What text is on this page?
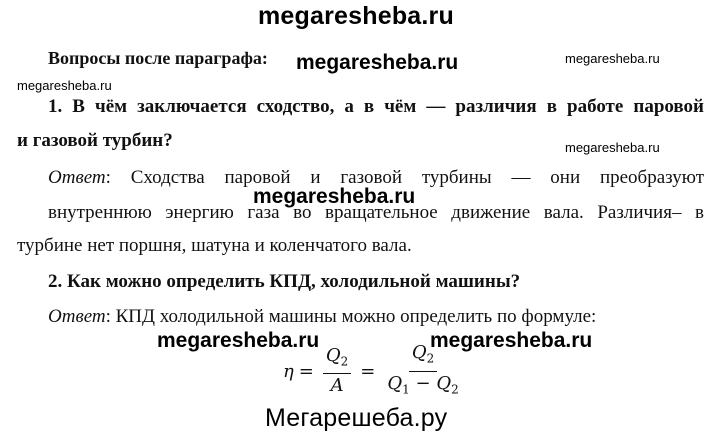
megaresheba.ru
megaresheba.ru	megaresheba.ru
megaresheba.ru
megaresheba.ru
megaresheba.ru
megaresheba.ru	megaresheba.ru
Мегарешеба.ру
Вопросы после параграфа:
1. В чём заключается сходство, а в чём — различия в работе паровой
и газовой турбин?
Ответ: Сходства паровой и газовой турбины — они преобразуют
внутреннюю энергию газа во вращательное движение вала. Различия– в
турбине нет поршня, шатуна и коленчатого вала.
2. Как можно определить КПД, холодильной машины?
Ответ: КПД холодильной машины можно определить по формуле:
$\eta = \frac{Q_2}{A} = \frac{Q_2}{Q_1 - Q_2}$
